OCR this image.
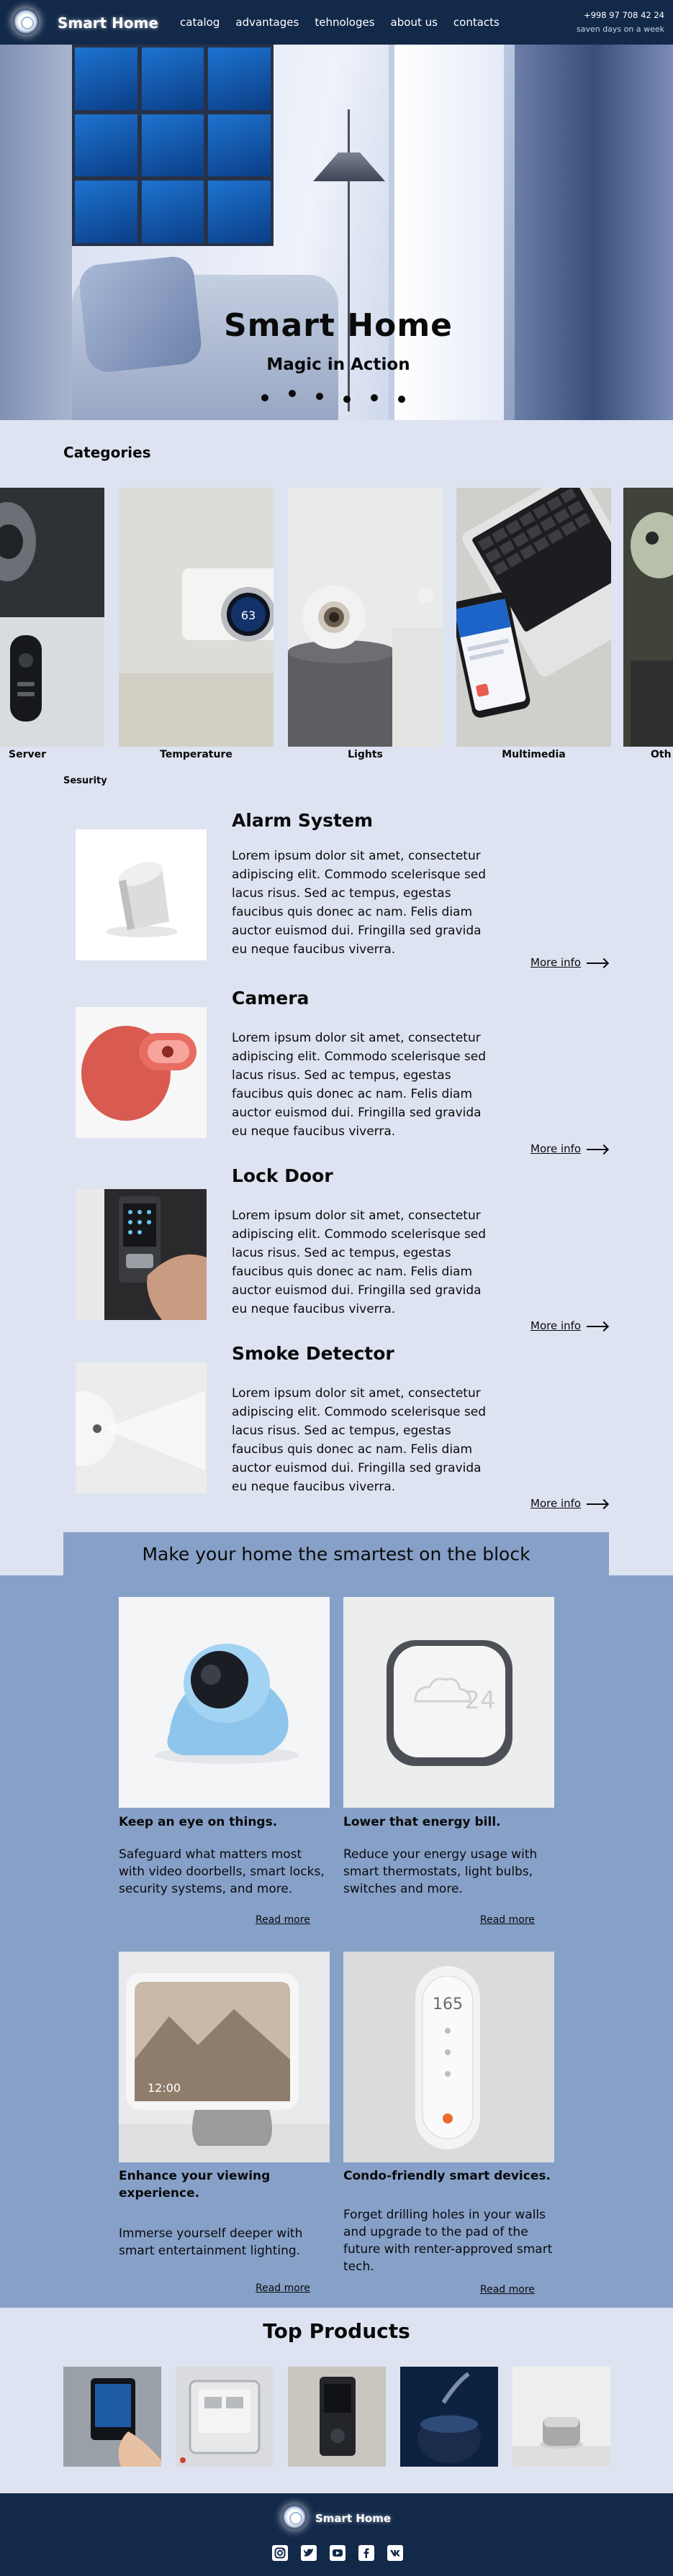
Smart Home catalog advantages tehnologes about us contacts
+998 97 708 42 24
saven days on a week
Smart Home
Magic in Action
Categories
63
Server	Temperature	Lights	Multimedia	Oth
Sesurity
Alarm System
Lorem ipsum dolor sit amet, consectetur adipiscing elit. Commodo scelerisque sed lacus risus. Sed ac tempus, egestas faucibus quis donec ac nam. Felis diam auctor euismod dui. Fringilla sed gravida eu neque faucibus viverra.
More info
Camera
Lorem ipsum dolor sit amet, consectetur adipiscing elit. Commodo scelerisque sed lacus risus. Sed ac tempus, egestas faucibus quis donec ac nam. Felis diam auctor euismod dui. Fringilla sed gravida eu neque faucibus viverra.
More info
Lock Door
Lorem ipsum dolor sit amet, consectetur adipiscing elit. Commodo scelerisque sed lacus risus. Sed ac tempus, egestas faucibus quis donec ac nam. Felis diam auctor euismod dui. Fringilla sed gravida eu neque faucibus viverra.
More info
Smoke Detector
Lorem ipsum dolor sit amet, consectetur adipiscing elit. Commodo scelerisque sed lacus risus. Sed ac tempus, egestas faucibus quis donec ac nam. Felis diam auctor euismod dui. Fringilla sed gravida eu neque faucibus viverra.
More info
Make your home the smartest on the block
Keep an eye on things.
Safeguard what matters most with video doorbells, smart locks, security systems, and more.
Read more
24
Lower that energy bill.
Reduce your energy usage with smart thermostats, light bulbs, switches and more.
Read more
12:00
Enhance your viewing experience.
Immerse yourself deeper with smart entertainment lighting.
Read more
165
Condo-friendly smart devices.
Forget drilling holes in your walls and upgrade to the pad of the future with renter-approved smart tech.
Read more
Top Products
Smart Home
